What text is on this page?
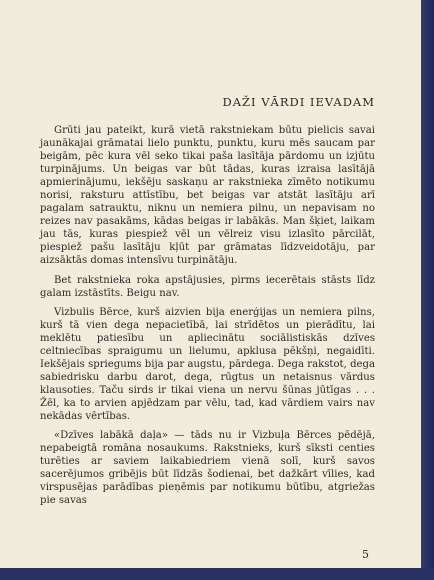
DAŽI VĀRDI IEVADAM

Grūti jau pateikt, kurā vietā rakstniekam būtu pielicis savai jaunākajai grāmatai lielo punktu, punktu, kuru mēs saucam par beigām, pēc kura vēl seko tikai paša lasītāja pārdomu un izjūtu turpinājums. Un beigas var būt tādas, kuras izraisa lasītājā apmierinājumu, iekšēju saskaņu ar rakstnieka zīmēto notikumu norisi, raksturu attīstību, bet beigas var atstāt lasītāju arī pagalam satrauktu, niknu un nemiera pilnu, un nepavisam no reizes nav pasakāms, kādas beigas ir labākās. Man šķiet, laikam jau tās, kuras piespiež vēl un vēlreiz visu izlasīto pārcilāt, piespiež pašu lasītāju kļūt par grāmatas līdzveidotāju, par aizsāktās domas intensīvu turpinātāju.

Bet rakstnieka roka apstājusies, pirms iecerētais stāsts līdz galam izstāstīts. Beigu nav.

Vizbulis Bērce, kurš aizvien bija enerģijas un nemiera pilns, kurš tā vien dega nepacietībā, lai strīdētos un pierādītu, lai meklētu patiesību un apliecinātu sociālistiskās dzīves celtniecības spraigumu un lielumu, apklusa pēkšņi, negaidīti. Iekšējais spriegums bija par augstu, pārdega. Dega rakstot, dega sabiedrisku darbu darot, dega, rūgtus un netaisnus vārdus klausoties. Taču sirds ir tikai viena un nervu šūnas jūtīgas . . . Žēl, ka to arvien apjēdzam par vēlu, tad, kad vārdiem vairs nav nekādas vērtības.

«Dzīves labākā daļa» — tāds nu ir Vizbuļa Bērces pēdējā, nepabeigtā romāna nosaukums. Rakstnieks, kurš sīksti centies turēties ar saviem laikabiedriem vienā solī, kurš savos sacerējumos gribējis būt līdzās šodienai, bet dažkārt vīlies, kad virspusējas parādības pieņēmis par notikumu būtību, atgriežas pie savas

5
